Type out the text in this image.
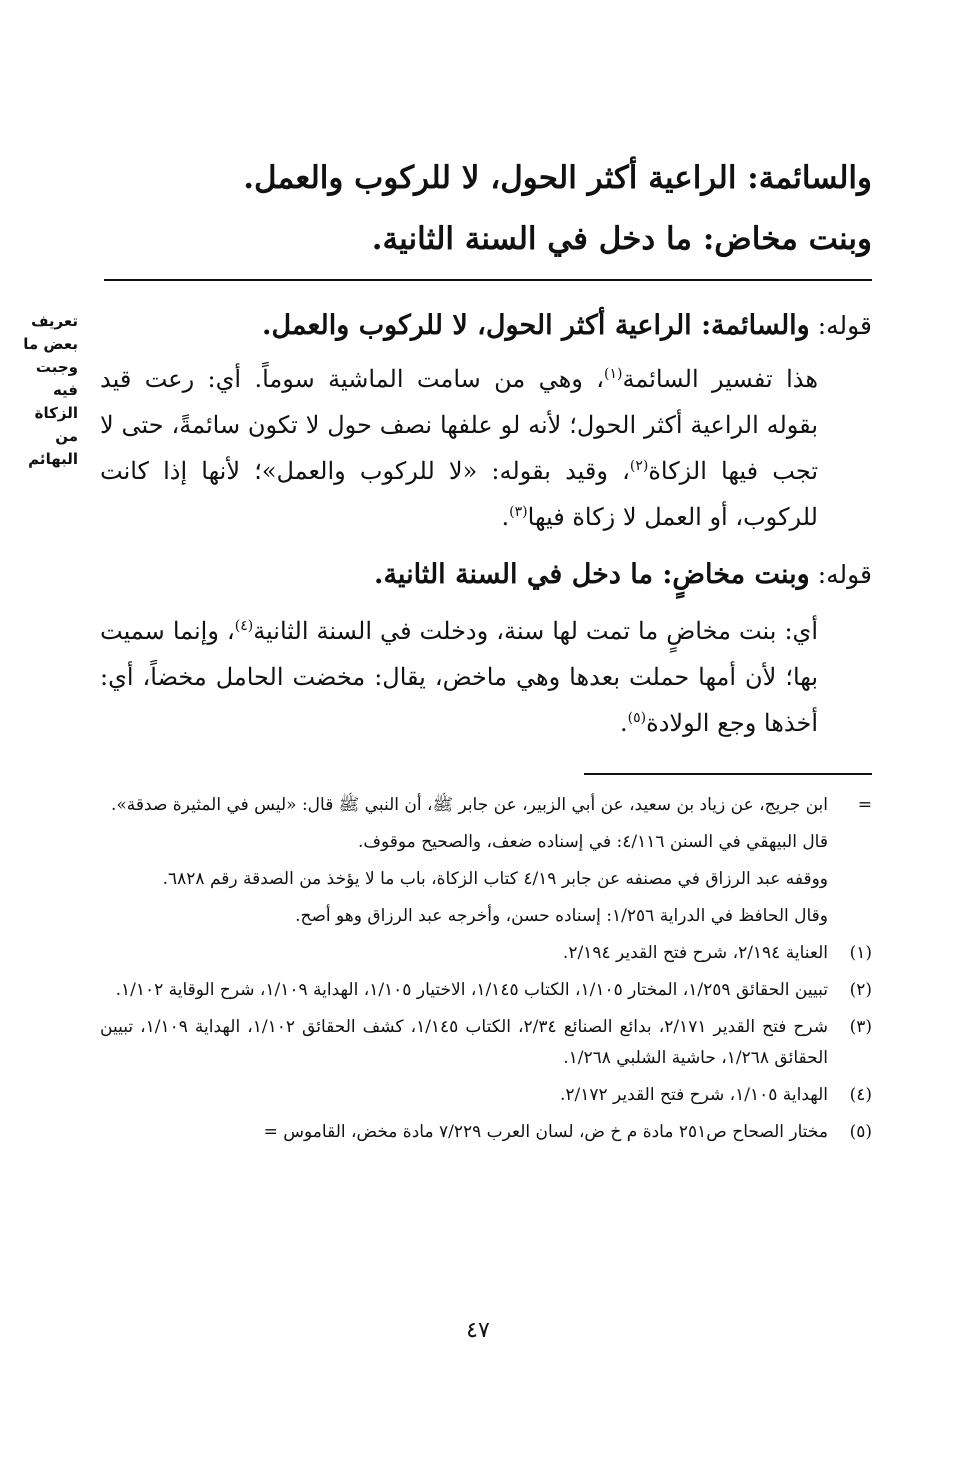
والسائمة: الراعية أكثر الحول، لا للركوب والعمل.

وبنت مخاض: ما دخل في السنة الثانية.

تعريف
بعض ما
وجبت
فيه
الزكاة
من
البهائم

قوله: والسائمة: الراعية أكثر الحول، لا للركوب والعمل.

هذا تفسير السائمة$^{(١)}$، وهي من سامت الماشية سوماً. أي: رعت قيد بقوله الراعية أكثر الحول؛ لأنه لو علفها نصف حول لا تكون سائمةً، حتى لا تجب فيها الزكاة$^{(٢)}$، وقيد بقوله: «لا للركوب والعمل»؛ لأنها إذا كانت للركوب، أو العمل لا زكاة فيها$^{(٣)}$.

قوله: وبنت مخاضٍ: ما دخل في السنة الثانية.

أي: بنت مخاضٍ ما تمت لها سنة، ودخلت في السنة الثانية$^{(٤)}$، وإنما سميت بها؛ لأن أمها حملت بعدها وهي ماخض، يقال: مخضت الحامل مخضاً، أي: أخذها وجع الولادة$^{(٥)}$.

=
ابن جريج، عن زياد بن سعيد، عن أبي الزبير، عن جابر ﷺ، أن النبي ﷺ قال: «ليس في المثيرة صدقة».

قال البيهقي في السنن ٤/١١٦: في إسناده ضعف، والصحيح موقوف.

ووقفه عبد الرزاق في مصنفه عن جابر ٤/١٩ كتاب الزكاة، باب ما لا يؤخذ من الصدقة رقم ٦٨٢٨.

وقال الحافظ في الدراية ١/٢٥٦: إسناده حسن، وأخرجه عبد الرزاق وهو أصح.

(١)
العناية ٢/١٩٤، شرح فتح القدير ٢/١٩٤.

(٢)
تبيين الحقائق ١/٢٥٩، المختار ١/١٠٥، الكتاب ١/١٤٥، الاختيار ١/١٠٥، الهداية ١/١٠٩، شرح الوقاية ١/١٠٢.

(٣)
شرح فتح القدير ٢/١٧١، بدائع الصنائع ٢/٣٤، الكتاب ١/١٤٥، كشف الحقائق ١/١٠٢، الهداية ١/١٠٩، تبيين الحقائق ١/٢٦٨، حاشية الشلبي ١/٢٦٨.

(٤)
الهداية ١/١٠٥، شرح فتح القدير ٢/١٧٢.

(٥)
مختار الصحاح ص٢٥١ مادة م خ ض، لسان العرب ٧/٢٢٩ مادة مخض، القاموس =

٤٧
